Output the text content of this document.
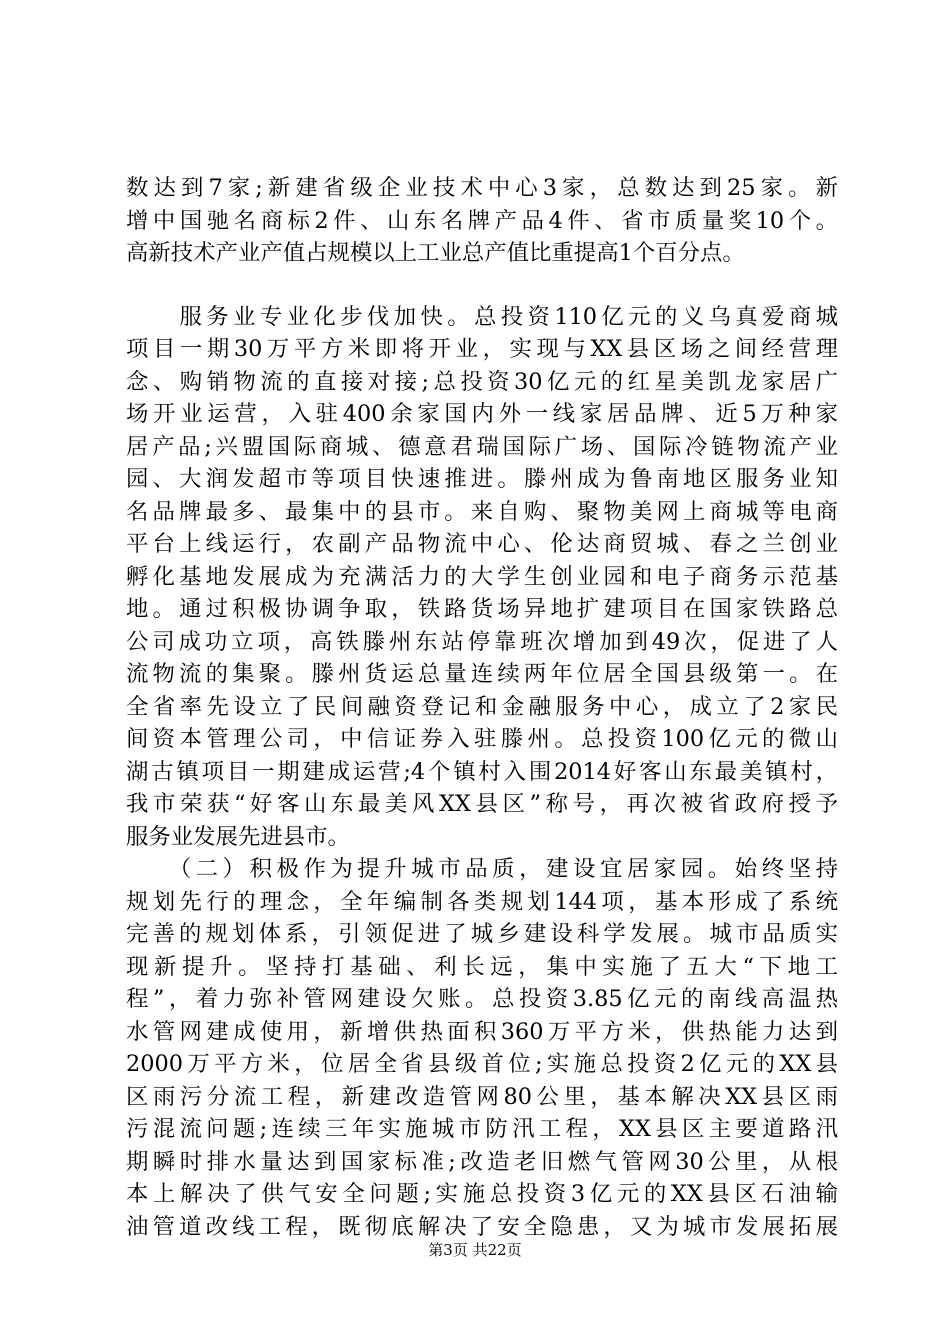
数达到7家;新建省级企业技术中心3家，总数达到25家。新
增中国驰名商标2件、山东名牌产品4件、省市质量奖10个。
高新技术产业产值占规模以上工业总产值比重提高1个百分点。
　　服务业专业化步伐加快。总投资110亿元的义乌真爱商城
项目一期30万平方米即将开业，实现与XX县区场之间经营理
念、购销物流的直接对接;总投资30亿元的红星美凯龙家居广
场开业运营，入驻400余家国内外一线家居品牌、近5万种家
居产品;兴盟国际商城、德意君瑞国际广场、国际冷链物流产业
园、大润发超市等项目快速推进。滕州成为鲁南地区服务业知
名品牌最多、最集中的县市。来自购、聚物美网上商城等电商
平台上线运行，农副产品物流中心、伦达商贸城、春之兰创业
孵化基地发展成为充满活力的大学生创业园和电子商务示范基
地。通过积极协调争取，铁路货场异地扩建项目在国家铁路总
公司成功立项，高铁滕州东站停靠班次增加到49次，促进了人
流物流的集聚。滕州货运总量连续两年位居全国县级第一。在
全省率先设立了民间融资登记和金融服务中心，成立了2家民
间资本管理公司，中信证券入驻滕州。总投资100亿元的微山
湖古镇项目一期建成运营;4个镇村入围2014好客山东最美镇村，
我市荣获“好客山东最美风XX县区”称号，再次被省政府授予
服务业发展先进县市。
　　（二）积极作为提升城市品质，建设宜居家园。始终坚持
规划先行的理念，全年编制各类规划144项，基本形成了系统
完善的规划体系，引领促进了城乡建设科学发展。城市品质实
现新提升。坚持打基础、利长远，集中实施了五大“下地工
程”，着力弥补管网建设欠账。总投资3.85亿元的南线高温热
水管网建成使用，新增供热面积360万平方米，供热能力达到
2000万平方米，位居全省县级首位;实施总投资2亿元的XX县
区雨污分流工程，新建改造管网80公里，基本解决XX县区雨
污混流问题;连续三年实施城市防汛工程，XX县区主要道路汛
期瞬时排水量达到国家标准;改造老旧燃气管网30公里，从根
本上解决了供气安全问题;实施总投资3亿元的XX县区石油输
油管道改线工程，既彻底解决了安全隐患，又为城市发展拓展
第3页 共22页
